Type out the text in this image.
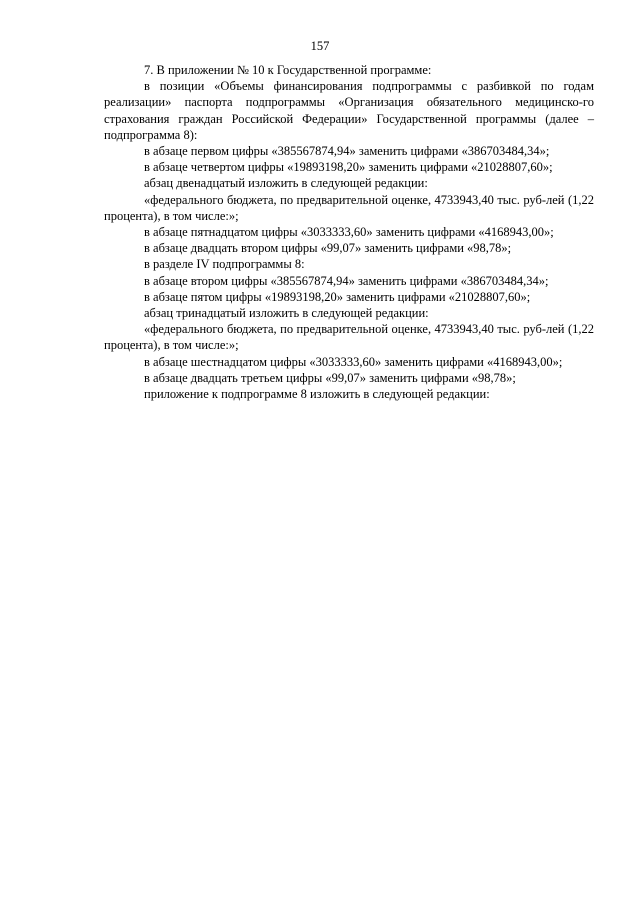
157

7. В приложении № 10 к Государственной программе:

в позиции «Объемы финансирования подпрограммы с разбивкой по годам реализации» паспорта подпрограммы «Организация обязательного медицинско-го страхования граждан Российской Федерации» Государственной программы (далее – подпрограмма 8):

в абзаце первом цифры «385567874,94» заменить цифрами «386703484,34»;

в абзаце четвертом цифры «19893198,20» заменить цифрами «21028807,60»;

абзац двенадцатый изложить в следующей редакции:

«федерального бюджета, по предварительной оценке, 4733943,40 тыс. руб-лей (1,22 процента), в том числе:»;

в абзаце пятнадцатом цифры «3033333,60» заменить цифрами «4168943,00»;

в абзаце двадцать втором цифры «99,07» заменить цифрами «98,78»;

в разделе IV подпрограммы 8:

в абзаце втором цифры «385567874,94» заменить цифрами «386703484,34»;

в абзаце пятом цифры «19893198,20» заменить цифрами «21028807,60»;

абзац тринадцатый изложить в следующей редакции:

«федерального бюджета, по предварительной оценке, 4733943,40 тыс. руб-лей (1,22 процента), в том числе:»;

в абзаце шестнадцатом цифры «3033333,60» заменить цифрами «4168943,00»;

в абзаце двадцать третьем цифры «99,07» заменить цифрами «98,78»;

приложение к подпрограмме 8 изложить в следующей редакции:
